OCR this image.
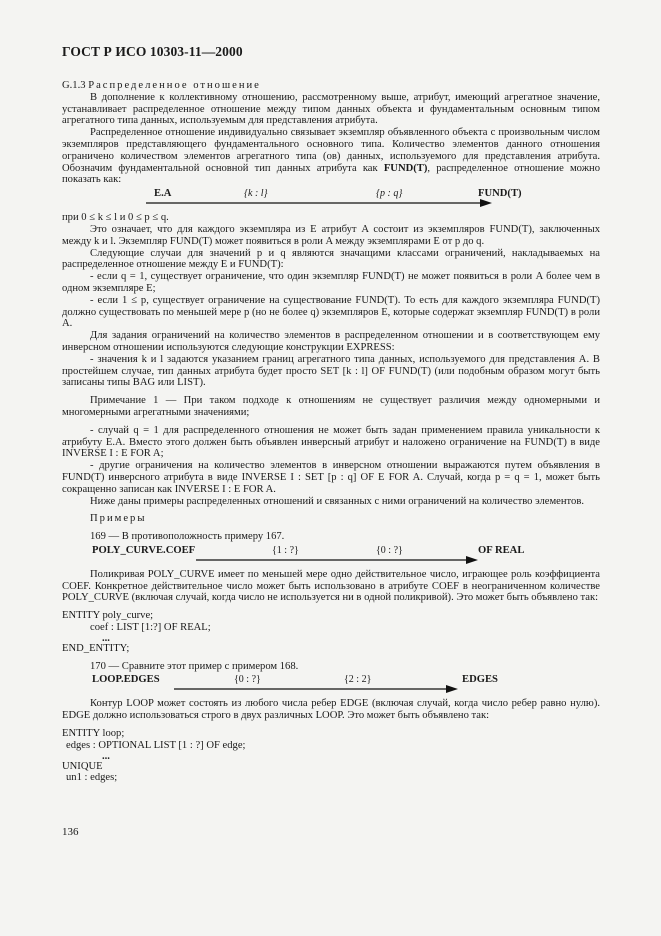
ГОСТ Р ИСО 10303-11—2000

G.1.3 Распределенное отношение

В дополнение к коллективному отношению, рассмотренному выше, атрибут, имеющий агрегатное значение, устанавливает распределенное отношение между типом данных объекта и фундаментальным основным типом агрегатного типа данных, используемым для представления атрибута.

Распределенное отношение индивидуально связывает экземпляр объявленного объекта с произвольным числом экземпляров представляющего фундаментального основного типа. Количество элементов данного отношения ограничено количеством элементов агрегатного типа (ов) данных, используемого для представления атрибута. Обозначим фундаментальной основной тип данных атрибута как FUND(T), распределенное отношение можно показать как:

E.A	{k : l}	{p : q}	FUND(T)

при 0 ≤ k ≤ l и 0 ≤ p ≤ q.

Это означает, что для каждого экземпляра из E атрибут A состоит из экземпляров FUND(T), заключенных между k и l. Экземпляр FUND(T) может появиться в роли A между экземплярами E от p до q.

Следующие случаи для значений p и q являются значащими классами ограничений, накладываемых на распределенное отношение между E и FUND(T):

- если q = 1, существует ограничение, что один экземпляр FUND(T) не может появиться в роли A более чем в одном экземпляре E;

- если 1 ≤ p, существует ограничение на существование FUND(T). То есть для каждого экземпляра FUND(T) должно существовать по меньшей мере p (но не более q) экземпляров E, которые содержат экземпляр FUND(T) в роли A.

Для задания ограничений на количество элементов в распределенном отношении и в соответствующем ему инверсном отношении используются следующие конструкции EXPRESS:

- значения k и l задаются указанием границ агрегатного типа данных, используемого для представления A. В простейшем случае, тип данных атрибута будет просто SET [k : l] OF FUND(T) (или подобным образом могут быть записаны типы BAG или LIST).

Примечание 1 — При таком подходе к отношениям не существует различия между одномерными и многомерными агрегатными значениями;

- случай q = 1 для распределенного отношения не может быть задан применением правила уникальности к атрибуту E.A. Вместо этого должен быть объявлен инверсный атрибут и наложено ограничение на FUND(T) в виде INVERSE I : E FOR A;

- другие ограничения на количество элементов в инверсном отношении выражаются путем объявления в FUND(T) инверсного атрибута в виде INVERSE I : SET [p : q] OF E FOR A. Случай, когда p = q = 1, может быть сокращенно записан как INVERSE I : E FOR A.

Ниже даны примеры распределенных отношений и связанных с ними ограничений на количество элементов.

Примеры

169 — В противоположность примеру 167.

POLY_CURVE.COEF	{1 : ?}	{0 : ?}	OF REAL

Поликривая POLY_CURVE имеет по меньшей мере одно действительное число, играющее роль коэффициента COEF. Конкретное действительное число может быть использовано в атрибуте COEF в неограниченном количестве POLY_CURVE (включая случай, когда число не используется ни в одной поликривой). Это может быть объявлено так:

ENTITY poly_curve;

coef : LIST [1:?] OF REAL;

...

END_ENTITY;

170 — Сравните этот пример с примером 168.

LOOP.EDGES	{0 : ?}	{2 : 2}	EDGES

Контур LOOP может состоять из любого числа ребер EDGE (включая случай, когда число ребер равно нулю). EDGE должно использоваться строго в двух различных LOOP. Это может быть объявлено так:

ENTITY loop;

edges : OPTIONAL LIST [1 : ?] OF edge;

...

UNIQUE

un1 : edges;

136
